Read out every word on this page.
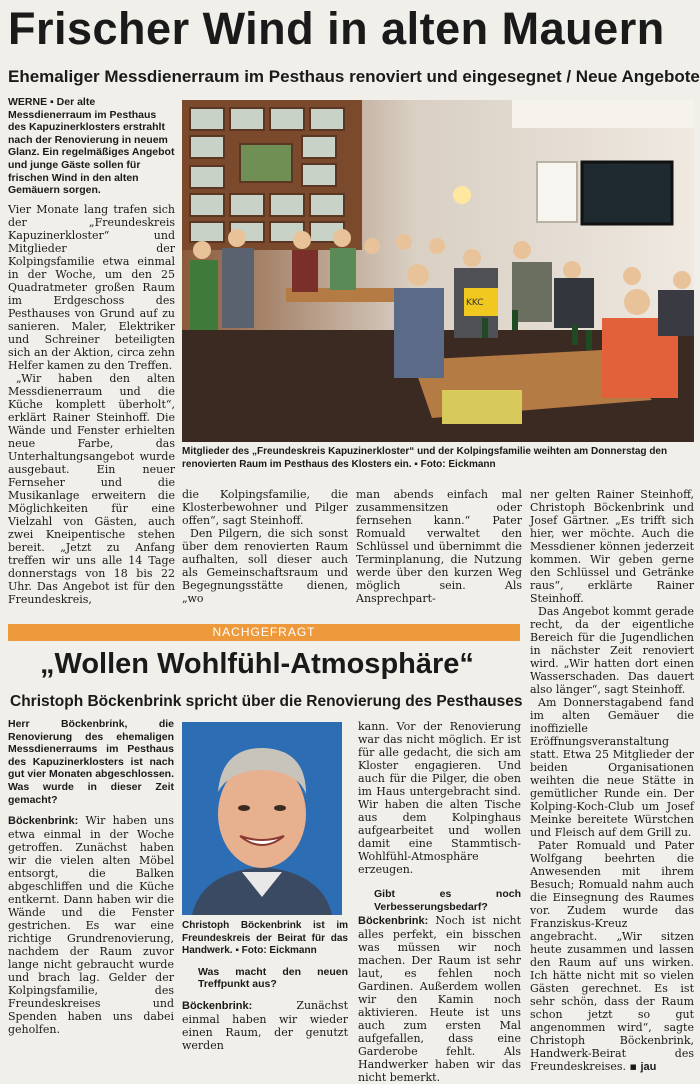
Frischer Wind in alten Mauern
Ehemaliger Messdienerraum im Pesthaus renoviert und eingesegnet / Neue Angebote
WERNE ▪ Der alte Messdienerraum im Pesthaus des Kapuzinerklosters erstrahlt nach der Renovierung in neuem Glanz. Ein regelmäßiges Angebot und junge Gäste sollen für frischen Wind in den alten Gemäuern sorgen.

Vier Monate lang trafen sich der „Freundeskreis Kapuzinerkloster“ und Mitglieder der Kolpingsfamilie etwa einmal in der Woche, um den 25 Quadratmeter großen Raum im Erdgeschoss des Pesthauses von Grund auf zu sanieren. Maler, Elektriker und Schreiner beteiligten sich an der Aktion, circa zehn Helfer kamen zu den Treffen.

„Wir haben den alten Messdienerraum und die Küche komplett überholt“, erklärt Rainer Steinhoff. Die Wände und Fenster erhielten neue Farbe, das Unterhaltungsangebot wurde ausgebaut. Ein neuer Fernseher und die Musikanlage erweitern die Möglichkeiten für eine Vielzahl von Gästen, auch zwei Kneipentische stehen bereit. „Jetzt zu Anfang treffen wir uns alle 14 Tage donnerstags von 18 bis 22 Uhr. Das Angebot ist für den Freundeskreis,

KKC
Mitglieder des „Freundeskreis Kapuzinerkloster“ und der Kolpingsfamilie weihten am Donnerstag den renovierten Raum im Pesthaus des Klosters ein. ▪ Foto: Eickmann

die Kolpingsfamilie, die Klosterbewohner und Pilger offen“, sagt Steinhoff.

Den Pilgern, die sich sonst über dem renovierten Raum aufhalten, soll dieser auch als Gemeinschaftsraum und Begegnungsstätte dienen, „wo

man abends einfach mal zusammensitzen oder fernsehen kann.“ Pater Romuald verwaltet den Schlüssel und übernimmt die Terminplanung, die Nutzung werde über den kurzen Weg möglich sein. Als Ansprechpart-

ner gelten Rainer Steinhoff, Christoph Böckenbrink und Josef Gärtner. „Es trifft sich hier, wer möchte. Auch die Messdiener können jederzeit kommen. Wir geben gerne den Schlüssel und Getränke raus“, erklärte Rainer Steinhoff.

Das Angebot kommt gerade recht, da der eigentliche Bereich für die Jugendlichen in nächster Zeit renoviert wird. „Wir hatten dort einen Wasserschaden. Das dauert also länger“, sagt Steinhoff.

Am Donnerstagabend fand im alten Gemäuer die inoffizielle Eröffnungsveranstaltung statt. Etwa 25 Mitglieder der beiden Organisationen weihten die neue Stätte in gemütlicher Runde ein. Der Kolping-Koch-Club um Josef Meinke bereitete Würstchen und Fleisch auf dem Grill zu.

Pater Romuald und Pater Wolfgang beehrten die Anwesenden mit ihrem Besuch; Romuald nahm auch die Einsegnung des Raumes vor. Zudem wurde das Franziskus-Kreuz angebracht. „Wir sitzen heute zusammen und lassen den Raum auf uns wirken. Ich hätte nicht mit so vielen Gästen gerechnet. Es ist sehr schön, dass der Raum schon jetzt so gut angenommen wird“, sagte Christoph Böckenbrink, Handwerk-Beirat des Freundeskreises. ▪ jau

NACHGEFRAGT
„Wollen Wohlfühl-Atmosphäre“
Christoph Böckenbrink spricht über die Renovierung des Pesthauses
Herr Böckenbrink, die Renovierung des ehemaligen Messdienerraums im Pesthaus des Kapuzinerklosters ist nach gut vier Monaten abgeschlossen. Was wurde in dieser Zeit gemacht?

Böckenbrink: Wir haben uns etwa einmal in der Woche getroffen. Zunächst haben wir die vielen alten Möbel entsorgt, die Balken abgeschliffen und die Küche entkernt. Dann haben wir die Wände und die Fenster gestrichen. Es war eine richtige Grundrenovierung, nachdem der Raum zuvor lange nicht gebraucht wurde und brach lag. Gelder der Kolpingsfamilie, des Freundeskreises und Spenden haben uns dabei geholfen.

Christoph Böckenbrink ist im Freundeskreis der Beirat für das Handwerk. ▪ Foto: Eickmann
Was macht den neuen Treffpunkt aus?

Böckenbrink:	Zunächst einmal haben wir wieder einen Raum, der genutzt werden

kann. Vor der Renovierung war das nicht möglich. Er ist für alle gedacht, die sich am Kloster engagieren. Und auch für die Pilger, die oben im Haus untergebracht sind. Wir haben die alten Tische aus dem Kolpinghaus aufgearbeitet und wollen damit eine Stammtisch-Wohlfühl-Atmosphäre erzeugen.

Gibt es noch Verbesserungsbedarf?

Böckenbrink: Noch ist nicht alles perfekt, ein bisschen was müssen wir noch machen. Der Raum ist sehr laut, es fehlen noch Gardinen. Außerdem wollen wir den Kamin noch aktivieren. Heute ist uns auch zum ersten Mal aufgefallen, dass eine Garderobe fehlt. Als Handwerker haben wir das nicht bemerkt.
